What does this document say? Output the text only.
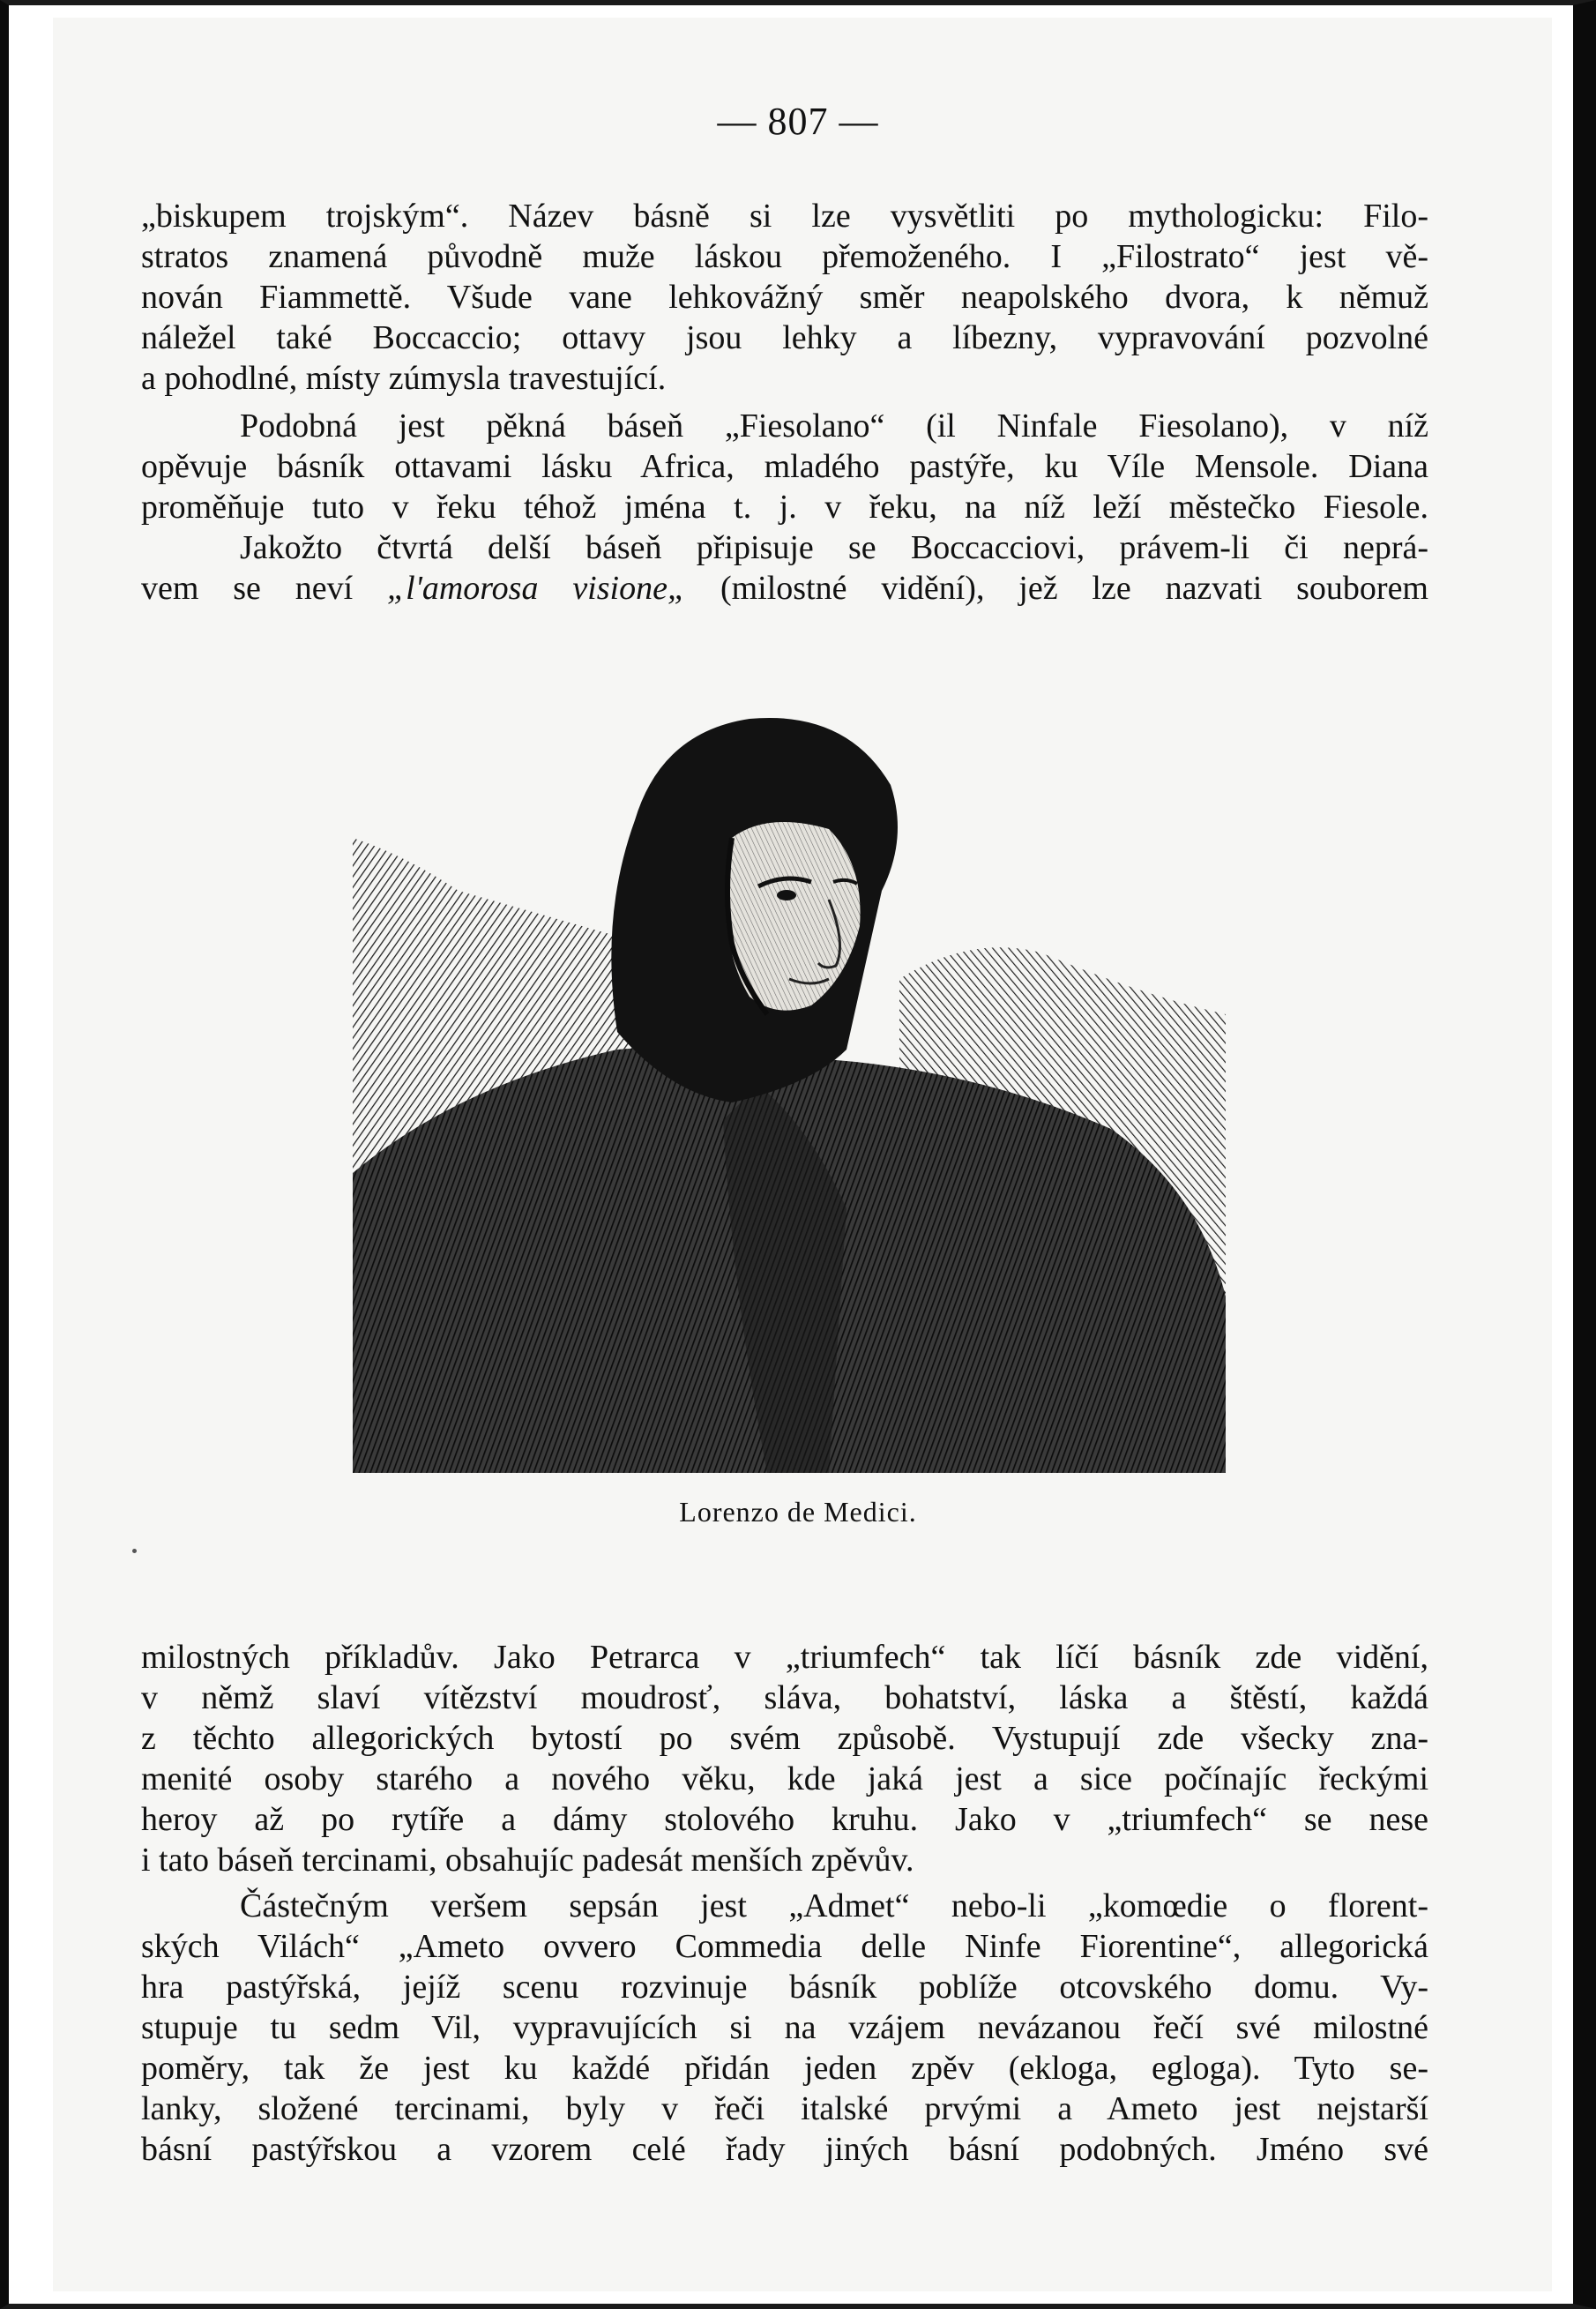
— 807 —
„biskupem trojským“. Název básně si lze vysvětliti po mythologicku: Filo-
stratos znamená původně muže láskou přemoženého. I „Filostrato“ jest vě-
nován Fiammettě. Všude vane lehkovážný směr neapolského dvora, k němuž
náležel také Boccaccio; ottavy jsou lehky a líbezny, vypravování pozvolné
a pohodlné, místy zúmysla travestující.
Podobná jest pěkná báseň „Fiesolano“ (il Ninfale Fiesolano), v níž
opěvuje básník ottavami lásku Africa, mladého pastýře, ku Víle Mensole. Diana
proměňuje tuto v řeku téhož jména t. j. v řeku, na níž leží městečko Fiesole.
Jakožto čtvrtá delší báseň připisuje se Boccacciovi, právem-li či neprá-
vem se neví „l'amorosa visione„ (milostné vidění), jež lze nazvati souborem
Lorenzo de Medici.
milostných příkladův. Jako Petrarca v „triumfech“ tak líčí básník zde vidění,
v němž slaví vítězství moudrosť, sláva, bohatství, láska a štěstí, každá
z těchto allegorických bytostí po svém způsobě. Vystupují zde všecky zna-
menité osoby starého a nového věku, kde jaká jest a sice počínajíc řeckými
heroy až po rytíře a dámy stolového kruhu. Jako v „triumfech“ se nese
i tato báseň tercinami, obsahujíc padesát menších zpěvův.
Částečným veršem sepsán jest „Admet“ nebo-li „komœdie o florent-
ských Vilách“ „Ameto ovvero Commedia delle Ninfe Fiorentine“, allegorická
hra pastýřská, jejíž scenu rozvinuje básník poblíže otcovského domu. Vy-
stupuje tu sedm Vil, vypravujících si na vzájem nevázanou řečí své milostné
poměry, tak že jest ku každé přidán jeden zpěv (ekloga, egloga). Tyto se-
lanky, složené tercinami, byly v řeči italské prvými a Ameto jest nejstarší
básní pastýřskou a vzorem celé řady jiných básní podobných. Jméno své
